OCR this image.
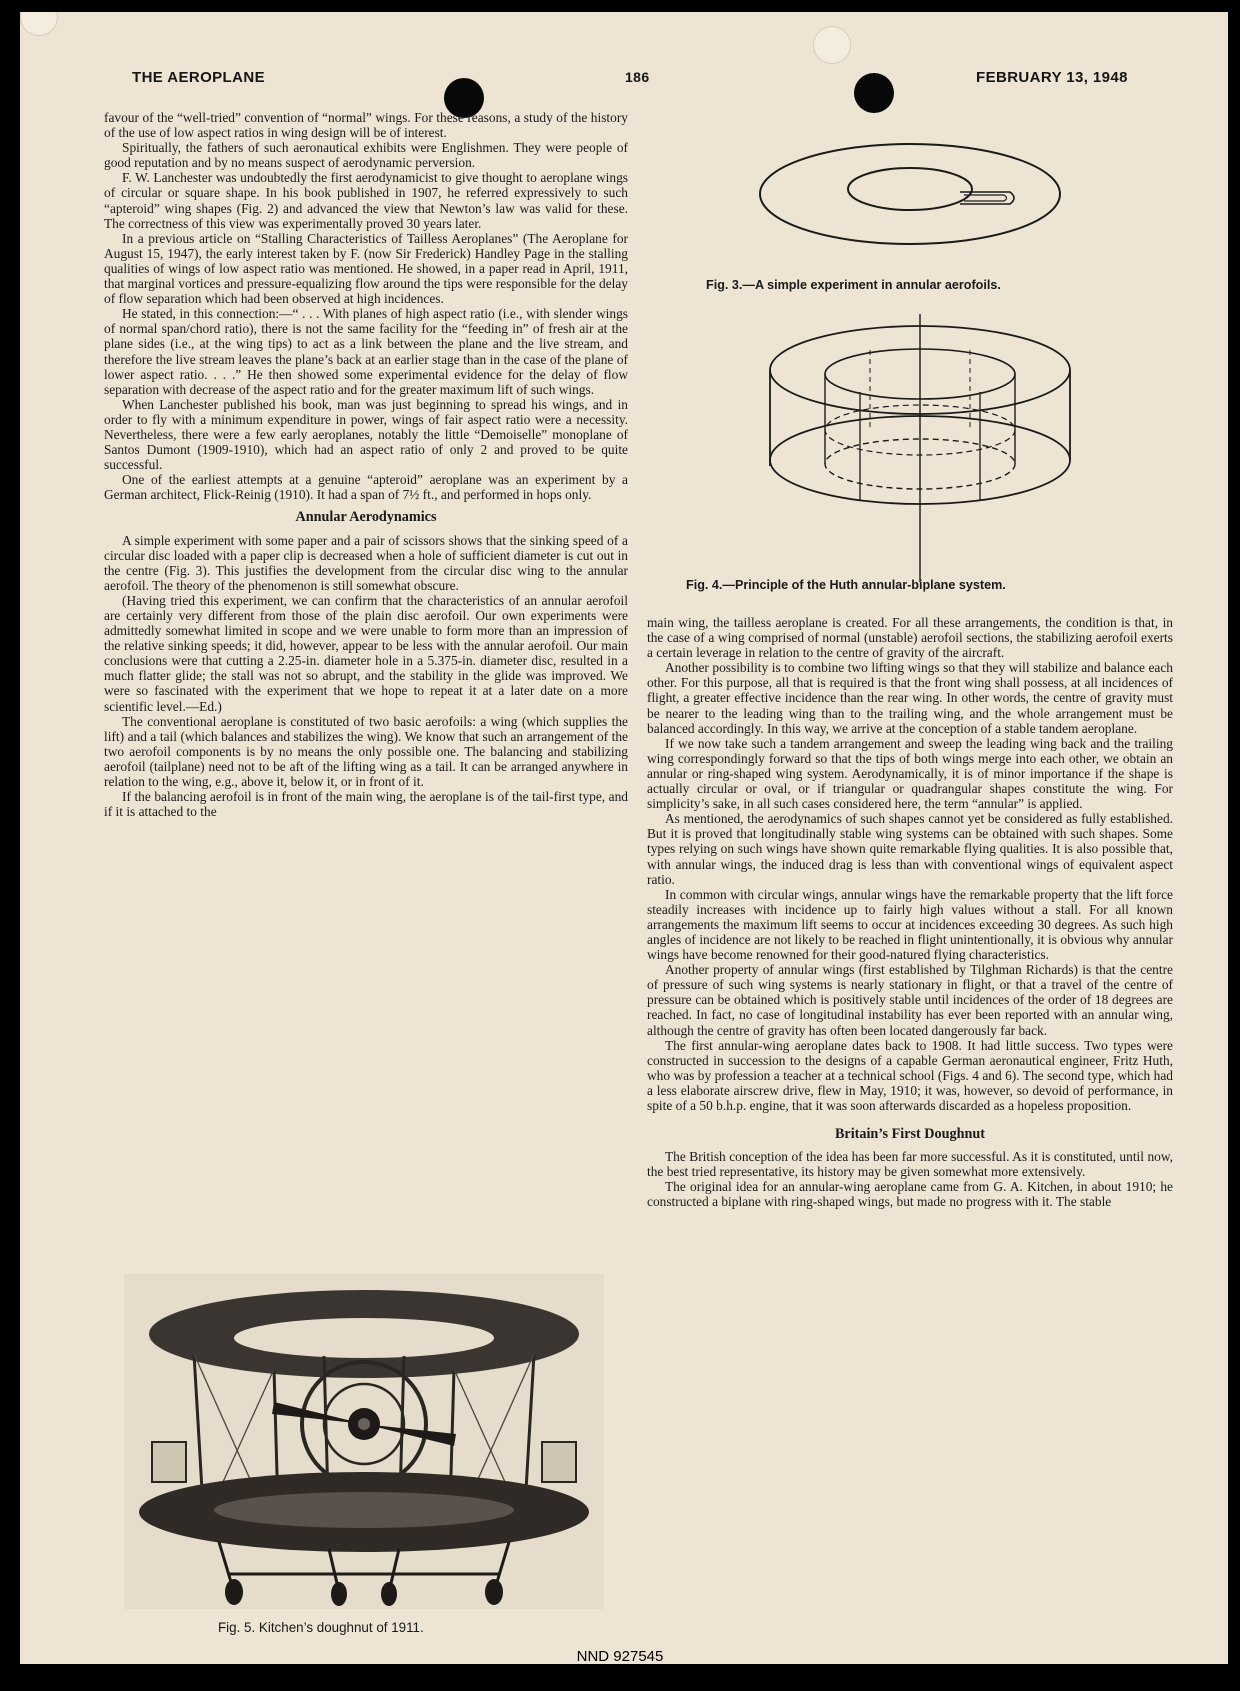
THE AEROPLANE	186	FEBRUARY 13, 1948

favour of the “well-tried” convention of “normal” wings. For these reasons, a study of the history of the use of low aspect ratios in wing design will be of interest.

Spiritually, the fathers of such aeronautical exhibits were Englishmen. They were people of good reputation and by no means suspect of aerodynamic perversion.

F. W. Lanchester was undoubtedly the first aerodynamicist to give thought to aeroplane wings of circular or square shape. In his book published in 1907, he referred expressively to such “apteroid” wing shapes (Fig. 2) and advanced the view that Newton’s law was valid for these. The correctness of this view was experimentally proved 30 years later.

In a previous article on “Stalling Characteristics of Tailless Aeroplanes” (The Aeroplane for August 15, 1947), the early interest taken by F. (now Sir Frederick) Handley Page in the stalling qualities of wings of low aspect ratio was mentioned. He showed, in a paper read in April, 1911, that marginal vortices and pressure-equalizing flow around the tips were responsible for the delay of flow separation which had been observed at high incidences.

He stated, in this connection:—“ . . . With planes of high aspect ratio (i.e., with slender wings of normal span/chord ratio), there is not the same facility for the “feeding in” of fresh air at the plane sides (i.e., at the wing tips) to act as a link between the plane and the live stream, and therefore the live stream leaves the plane’s back at an earlier stage than in the case of the plane of lower aspect ratio. . . .” He then showed some experimental evidence for the delay of flow separation with decrease of the aspect ratio and for the greater maximum lift of such wings.

When Lanchester published his book, man was just beginning to spread his wings, and in order to fly with a minimum expenditure in power, wings of fair aspect ratio were a necessity. Nevertheless, there were a few early aeroplanes, notably the little “Demoiselle” monoplane of Santos Dumont (1909-1910), which had an aspect ratio of only 2 and proved to be quite successful.

One of the earliest attempts at a genuine “apteroid” aeroplane was an experiment by a German architect, Flick-Reinig (1910). It had a span of 7½ ft., and performed in hops only.

Annular Aerodynamics

A simple experiment with some paper and a pair of scissors shows that the sinking speed of a circular disc loaded with a paper clip is decreased when a hole of sufficient diameter is cut out in the centre (Fig. 3). This justifies the development from the circular disc wing to the annular aerofoil. The theory of the phenomenon is still somewhat obscure.

(Having tried this experiment, we can confirm that the characteristics of an annular aerofoil are certainly very different from those of the plain disc aerofoil. Our own experiments were admittedly somewhat limited in scope and we were unable to form more than an impression of the relative sinking speeds; it did, however, appear to be less with the annular aerofoil. Our main conclusions were that cutting a 2.25-in. diameter hole in a 5.375-in. diameter disc, resulted in a much flatter glide; the stall was not so abrupt, and the stability in the glide was improved. We were so fascinated with the experiment that we hope to repeat it at a later date on a more scientific level.—Ed.)

The conventional aeroplane is constituted of two basic aerofoils: a wing (which supplies the lift) and a tail (which balances and stabilizes the wing). We know that such an arrangement of the two aerofoil components is by no means the only possible one. The balancing and stabilizing aerofoil (tailplane) need not to be aft of the lifting wing as a tail. It can be arranged anywhere in relation to the wing, e.g., above it, below it, or in front of it.

If the balancing aerofoil is in front of the main wing, the aeroplane is of the tail-first type, and if it is attached to the

Fig. 3.—A simple experiment in annular aerofoils.
Fig. 4.—Principle of the Huth annular-biplane system.

main wing, the tailless aeroplane is created. For all these arrangements, the condition is that, in the case of a wing comprised of normal (unstable) aerofoil sections, the stabilizing aerofoil exerts a certain leverage in relation to the centre of gravity of the aircraft.

Another possibility is to combine two lifting wings so that they will stabilize and balance each other. For this purpose, all that is required is that the front wing shall possess, at all incidences of flight, a greater effective incidence than the rear wing. In other words, the centre of gravity must be nearer to the leading wing than to the trailing wing, and the whole arrangement must be balanced accordingly. In this way, we arrive at the conception of a stable tandem aeroplane.

If we now take such a tandem arrangement and sweep the leading wing back and the trailing wing correspondingly forward so that the tips of both wings merge into each other, we obtain an annular or ring-shaped wing system. Aerodynamically, it is of minor importance if the shape is actually circular or oval, or if triangular or quadrangular shapes constitute the wing. For simplicity’s sake, in all such cases considered here, the term “annular” is applied.

As mentioned, the aerodynamics of such shapes cannot yet be considered as fully established. But it is proved that longitudinally stable wing systems can be obtained with such shapes. Some types relying on such wings have shown quite remarkable flying qualities. It is also possible that, with annular wings, the induced drag is less than with conventional wings of equivalent aspect ratio.

In common with circular wings, annular wings have the remarkable property that the lift force steadily increases with incidence up to fairly high values without a stall. For all known arrangements the maximum lift seems to occur at incidences exceeding 30 degrees. As such high angles of incidence are not likely to be reached in flight unintentionally, it is obvious why annular wings have become renowned for their good-natured flying characteristics.

Another property of annular wings (first established by Tilghman Richards) is that the centre of pressure of such wing systems is nearly stationary in flight, or that a travel of the centre of pressure can be obtained which is positively stable until incidences of the order of 18 degrees are reached. In fact, no case of longitudinal instability has ever been reported with an annular wing, although the centre of gravity has often been located dangerously far back.

The first annular-wing aeroplane dates back to 1908. It had little success. Two types were constructed in succession to the designs of a capable German aeronautical engineer, Fritz Huth, who was by profession a teacher at a technical school (Figs. 4 and 6). The second type, which had a less elaborate airscrew drive, flew in May, 1910; it was, however, so devoid of performance, in spite of a 50 b.h.p. engine, that it was soon afterwards discarded as a hopeless proposition.

Britain’s First Doughnut

The British conception of the idea has been far more successful. As it is constituted, until now, the best tried representative, its history may be given somewhat more extensively.

The original idea for an annular-wing aeroplane came from G. A. Kitchen, in about 1910; he constructed a biplane with ring-shaped wings, but made no progress with it. The stable

Fig. 5. Kitchen’s doughnut of 1911.
NND 927545
